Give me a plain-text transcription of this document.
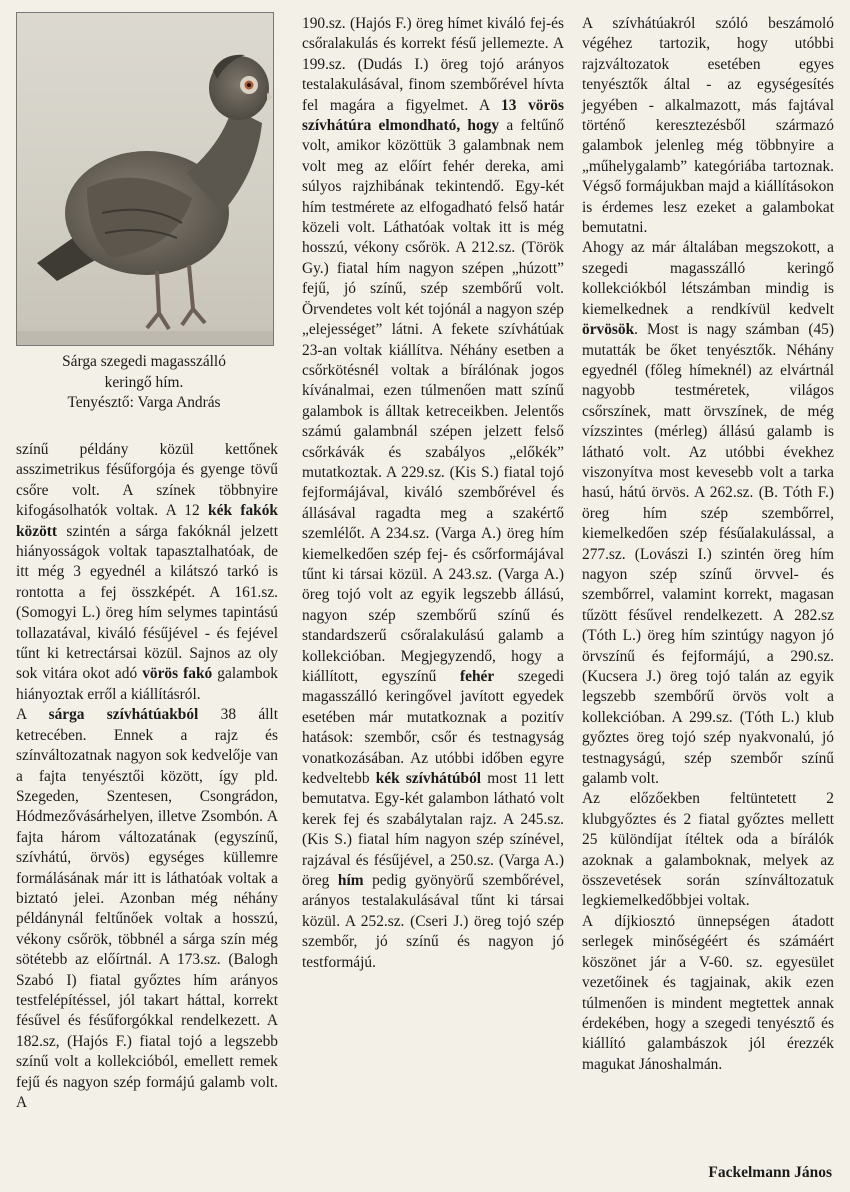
Sárga szegedi magasszálló
keringő hím.
Tenyésztő: Varga András

színű példány közül kettőnek asszimetrikus fésűforgója és gyenge tövű csőre volt. A színek többnyire kifogásolhatók voltak. A 12 kék fakók között szintén a sárga fakóknál jelzett hiányosságok voltak tapasztalhatóak, de itt még 3 egyednél a kilátszó tarkó is rontotta a fej összképét. A 161.sz. (Somogyi L.) öreg hím selymes tapintású tollazatával, kiváló fésűjével - és fejével tűnt ki ketrectársai közül. Sajnos az oly sok vitára okot adó vörös fakó galambok hiányoztak erről a kiállításról.

A sárga szívhátúakból 38 állt ketrecében. Ennek a rajz és színváltozatnak nagyon sok kedvelője van a fajta tenyésztői között, így pld. Szegeden, Szentesen, Csongrádon, Hódmezővásárhelyen, illetve Zsombón. A fajta három változatának (egyszínű, szívhátú, örvös) egységes küllemre formálásának már itt is láthatóak voltak a biztató jelei. Azonban még néhány példánynál feltűnőek voltak a hosszú, vékony csőrök, többnél a sárga szín még sötétebb az előírtnál. A 173.sz. (Balogh Szabó I) fiatal győztes hím arányos testfelépítéssel, jól takart háttal, korrekt fésűvel és fésűforgókkal rendelkezett. A 182.sz, (Hajós F.) fiatal tojó a legszebb színű volt a kollekcióból, emellett remek fejű és nagyon szép formájú galamb volt. A

190.sz. (Hajós F.) öreg hímet kiváló fej-és csőralakulás és korrekt fésű jellemezte. A 199.sz. (Dudás I.) öreg tojó arányos testalakulásával, finom szembőrével hívta fel magára a figyelmet. A 13 vörös szívhátúra elmondható, hogy a feltűnő volt, amikor közöttük 3 galambnak nem volt meg az előírt fehér dereka, ami súlyos rajzhibának tekintendő. Egy-két hím testmérete az elfogadható felső határ közeli volt. Láthatóak voltak itt is még hosszú, vékony csőrök. A 212.sz. (Török Gy.) fiatal hím nagyon szépen „húzott” fejű, jó színű, szép szembőrű volt. Örvendetes volt két tojónál a nagyon szép „elejességet” látni. A fekete szívhátúak 23-an voltak kiállítva. Néhány esetben a csőrkötésnél voltak a bírálónak jogos kívánalmai, ezen túlmenően matt színű galambok is álltak ketreceikben. Jelentős számú galambnál szépen jelzett felső csőrkávák és szabályos „előkék” mutatkoztak. A 229.sz. (Kis S.) fiatal tojó fejformájával, kiváló szembőrével és állásával ragadta meg a szakértő szemlélőt. A 234.sz. (Varga A.) öreg hím kiemelkedően szép fej- és csőrformájával tűnt ki társai közül. A 243.sz. (Varga A.) öreg tojó volt az egyik legszebb állású, nagyon szép szembőrű színű és standardszerű csőralakulású galamb a kollekcióban. Megjegyzendő, hogy a kiállított, egyszínű fehér szegedi magasszálló keringővel javított egyedek esetében már mutatkoznak a pozitív hatások: szembőr, csőr és testnagyság vonatkozásában. Az utóbbi időben egyre kedveltebb kék szívhátúból most 11 lett bemutatva. Egy-két galambon látható volt kerek fej és szabálytalan rajz. A 245.sz. (Kis S.) fiatal hím nagyon szép színével, rajzával és fésűjével, a 250.sz. (Varga A.) öreg hím pedig gyönyörű szembőrével, arányos testalakulásával tűnt ki társai közül. A 252.sz. (Cseri J.) öreg tojó szép szembőr, jó színű és nagyon jó testformájú.

A szívhátúakról szóló beszámoló végéhez tartozik, hogy utóbbi rajzváltozatok esetében egyes tenyésztők által - az egységesítés jegyében - alkalmazott, más fajtával történő keresztezésből származó galambok jelenleg még többnyire a „műhelygalamb” kategóriába tartoznak. Végső formájukban majd a kiállításokon is érdemes lesz ezeket a galambokat bemutatni.

Ahogy az már általában megszokott, a szegedi magasszálló keringő kollekciókból létszámban mindig is kiemelkednek a rendkívül kedvelt örvösök. Most is nagy számban (45) mutatták be őket tenyésztők. Néhány egyednél (főleg hímeknél) az elvártnál nagyobb testméretek, világos csőrszínek, matt örvszínek, de még vízszintes (mérleg) állású galamb is látható volt. Az utóbbi évekhez viszonyítva most kevesebb volt a tarka hasú, hátú örvös. A 262.sz. (B. Tóth F.) öreg hím szép szembőrrel, kiemelkedően szép fésűalakulással, a 277.sz. (Lovászi I.) szintén öreg hím nagyon szép színű örvvel- és szembőrrel, valamint korrekt, magasan tűzött fésűvel rendelkezett. A 282.sz (Tóth L.) öreg hím szintúgy nagyon jó örvszínű és fejformájú, a 290.sz. (Kucsera J.) öreg tojó talán az egyik legszebb szembőrű örvös volt a kollekcióban. A 299.sz. (Tóth L.) klub győztes öreg tojó szép nyakvonalú, jó testnagyságú, szép szembőr színű galamb volt.

Az előzőekben feltüntetett 2 klubgyőztes és 2 fiatal győztes mellett 25 különdíjat ítéltek oda a bírálók azoknak a galamboknak, melyek az összevetések során színváltozatuk legkiemelkedőbbjei voltak.

A díjkiosztó ünnepségen átadott serlegek minőségéért és számáért köszönet jár a V-60. sz. egyesület vezetőinek és tagjainak, akik ezen túlmenően is mindent megtettek annak érdekében, hogy a szegedi tenyésztő és kiállító galambászok jól érezzék magukat Jánoshalmán.

Fackelmann János
